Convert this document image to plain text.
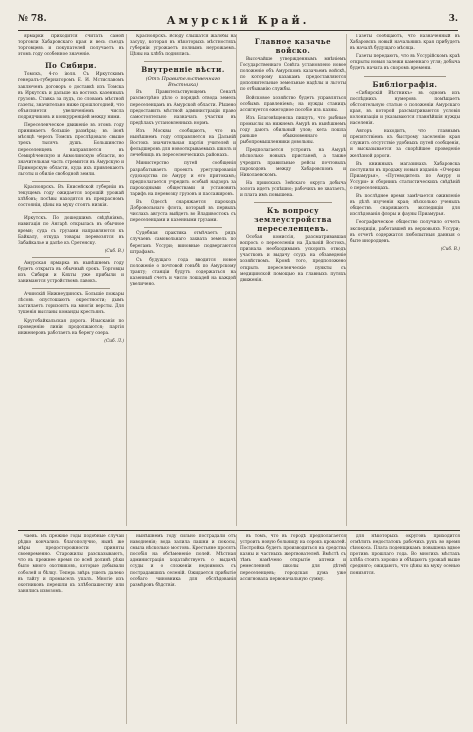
№ 78.	Амурскій Край.	3.

ярмарки приходится считать самой торговли Хабаровскаго края и весь съездъ торговцевъ и покупателей получаетъ въ этомъ году особенное значеніе.

По Сибири.

Томскъ, 4-го іюля. Съ Иркутскимъ генералъ-губернаторомъ Е. И. Мстиславомъ заключенъ договоръ о доставкѣ изъ Томска въ Иркутскъ и дальше на востокъ казенныхъ грузовъ. Ставка за пудъ, по словамъ мѣстной газеты, значительно ниже прошлогодней, что объясняется увеличеніемъ числа подрядчиковъ и конкурренціей между ними.

Переселенческое движеніе въ этомъ году принимаетъ большіе размѣры; въ іюнѣ мѣсяцѣ черезъ Томскъ прослѣдовало свыше трехъ тысячъ душъ. Большинство переселенцевъ направляется въ Семирѣченскую и Акмолинскую области, но значительная часть стремится въ Амурскую и Приморскую области, куда ихъ привлекаютъ льготы и обиліе свободной земли.

Красноярскъ. Въ Енисейской губерніи въ текущемъ году ожидается хорошій урожай хлѣбовъ; посѣвы находятся въ прекрасномъ состояніи, цѣны на муку стоятъ низкія.

Иркутскъ. По дошедшимъ свѣдѣніямъ, навигація по Ангарѣ открылась въ обычное время; суда съ грузами направляются къ Байкалу, откуда товары перевозятся въ Забайкалье и далѣе къ Сретенску.

(Сиб. В.)

Амурская ярмарка въ нынѣшнемъ году будетъ открыта въ обычный срокъ. Торговцы изъ Сибири и Кяхты уже прибыли и занимаются устройствомъ лавокъ.

Ачинскій Нижнеудинскъ. Большіе пожары лѣсовъ опустошаютъ окрестности; дымъ застилаетъ горизонтъ на многія версты. Для тушенія высланы команды крестьянъ.

Кругобайкальская дорога. Изысканія по проведенію линіи продолжаются; партія инженеровъ работаетъ на берегу озера.

(Сиб. Л.)

Красноярскъ. Всюду слышатся жалобы на засуху, которая въ нѣкоторыхъ мѣстностяхъ губерніи угрожаетъ полнымъ неурожаемъ. Цѣны на хлѣбъ поднялись.

Внутренніе вѣсти.
(Отъ Правительственнаго Вѣстника)

Въ Правительствующемъ Сенатѣ разсмотрѣно дѣло о порядкѣ отвода земель переселенцамъ въ Амурской области. Рѣшено предоставить мѣстной администраціи право самостоятельно назначать участки въ предѣлахъ установленныхъ нормъ.

Изъ Москвы сообщаютъ, что въ нынѣшнемъ году отправляется на Дальній Востокъ значительная партія учителей и фельдшеровъ для новооткрываемыхъ школъ и лечебницъ въ переселенческихъ районахъ.

Министерство путей сообщенія разрабатываетъ проектъ урегулированія судоходства по Амуру и его притокамъ; предполагается учредить особый надзоръ за пароходными обществами и установить тарифъ на перевозку грузовъ и пассажировъ.

Въ Одессѣ снаряжается пароходъ Добровольнаго флота, который въ первыхъ числахъ августа выйдетъ во Владивостокъ съ переселенцами и казенными грузами.

Судебная практика отмѣчаетъ рядъ случаевъ самовольнаго захвата земель по берегамъ Уссури; виновные подвергаются штрафамъ.

Съ будущаго года вводится новое положеніе о почтовой гоньбѣ по Амурскому тракту; станціи будутъ содержаться на казенный счетъ и число лошадей на каждой увеличено.

Главное казачье войско.

Высочайше утвержденнымъ мнѣніемъ Государственнаго Совѣта установлено новое положеніе объ Амурскомъ казачьемъ войскѣ, по которому казакамъ предоставляются дополнительные земельные надѣлы и льготы по отбыванію службы.

Войсковое хозяйство будетъ управляться особымъ правленіемъ; на нужды станицъ ассигнуется ежегодное пособіе изъ казны.

Изъ Благовѣщенска пишутъ, что рыбные промыслы на нижнемъ Амурѣ въ нынѣшнемъ году даютъ обильный улов; кета пошла раньше обыкновеннаго и рыбопромышленники довольны.

Предполагается устроить на Амурѣ нѣсколько новыхъ пристаней, а также учредить правильные рейсы почтовыхъ пароходовъ между Хабаровскомъ и Николаевскомъ.

На приискахъ Зейскаго округа добыча золота идетъ успѣшно; рабочихъ не хватаетъ, и плата имъ повышена.

Къ вопросу землеустройства переселенцевъ.

Особая комиссія, разсматривавшая вопросъ о переселеніи на Дальній Востокъ, признала необходимымъ ускорить отводъ участковъ и выдачу ссудъ на обзаведеніе хозяйствомъ. Кромѣ того, предположено открыть переселенческіе пункты съ медицинской помощью на главныхъ путяхъ движенія.

Газеты сообщаютъ, что назначенный въ Хабаровскъ новый начальникъ края прибудетъ въ началѣ будущаго мѣсяца.

Газеты передаютъ, что въ Уссурійскомъ краѣ открыты новыя залежи каменнаго угля; добыча будетъ начата въ скоромъ времени.

Библіографія.

«Сибирскій Вѣстникъ» въ одномъ изъ послѣднихъ нумеровъ помѣщаетъ обстоятельную статью о положеніи Амурскаго края, въ которой разсматриваются условія колонизаціи и указываются главнѣйшія нужды населенія.

Авторъ находитъ, что главнымъ препятствіемъ къ быстрому заселенію края служитъ отсутствіе удобныхъ путей сообщенія, и высказывается за скорѣйшее проведеніе желѣзной дороги.

Въ книжныхъ магазинахъ Хабаровска поступили въ продажу новыя изданія: «Очерки Приамурья», «Путеводитель по Амуру и Уссури» и сборникъ статистическихъ свѣдѣній о переселенцахъ.

Въ послѣднее время замѣчается оживленіе въ дѣлѣ изученія края; нѣсколько ученыхъ обществъ снаряжаютъ экспедиціи для изслѣдованія флоры и фауны Приамурья.

Географическое общество получило отчетъ экспедиціи, работавшей въ верховьяхъ Уссури; въ отчетѣ содержатся любопытныя данныя о быте инородцевъ.

(Сиб. В.)

чаевъ. Въ прежніе годы подобные случаи рѣдко кончались благополучно, нынѣ же мѣры предосторожности приняты своевременно. Старожилы разсказываютъ, что въ прежнее время по всей долинѣ рѣки было много охотниковъ, которые добывали соболей и бѣлку. Теперь звѣрь ушелъ далеко въ тайгу и промыселъ упалъ. Многіе изъ охотниковъ перешли къ хлѣбопашеству или занялись извозомъ.

нынѣшнемъ году сильно пострадали отъ наводненія; вода залила пашни и покосы, смыла нѣсколько мостовъ. Крестьяне просятъ пособія на обсѣмененіе полей. Мѣстная администрація ходатайствуетъ о выдачѣ ссуды и о сложеніи недоимокъ съ пострадавшихъ селеній. Ожидается прибытіе особаго чиновника для обслѣдованія размѣровъ бѣдствія.

въ томъ, что въ городѣ предполагается устроить новую больницу на сорокъ кроватей. Постройка будетъ производиться на средства казны и частныхъ жертвователей. Вмѣстѣ съ тѣмъ намѣчено открытіе аптеки и ремесленной школы для дѣтей переселенцевъ; городская дума уже ассигновала первоначальную сумму.

для нѣкоторыхъ округовъ приходится отмѣтить недостатокъ рабочихъ рукъ во время сѣнокоса. Плата поденщикамъ повышена вдвое противъ прошлаго года. Во многихъ мѣстахъ хлѣба стоятъ хорошо и обѣщаютъ урожай выше средняго; ожидаютъ, что цѣны на муку осенью понизятся.
